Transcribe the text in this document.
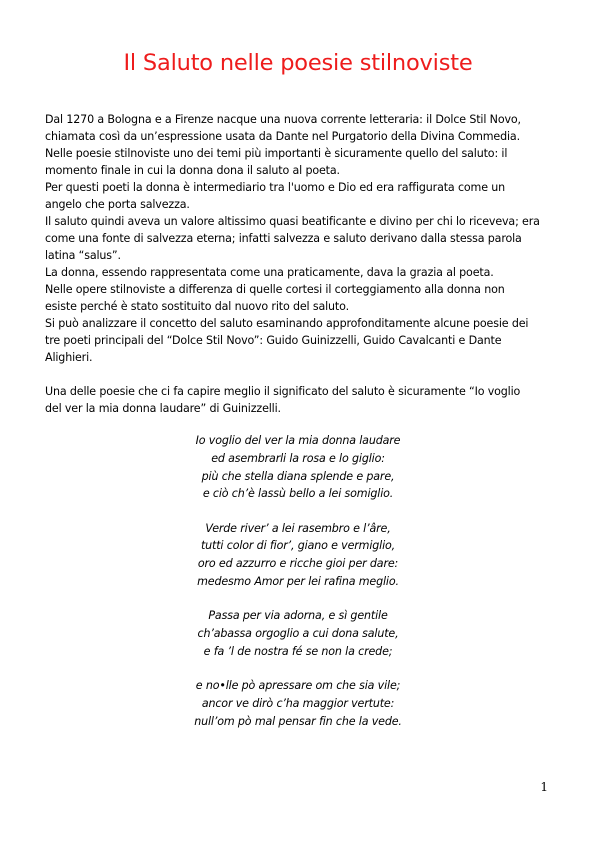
Il Saluto nelle poesie stilnoviste

Dal 1270 a Bologna e a Firenze nacque una nuova corrente letteraria: il Dolce Stil Novo,
chiamata così da un’espressione usata da Dante nel Purgatorio della Divina Commedia.

Nelle poesie stilnoviste uno dei temi più importanti è sicuramente quello del saluto: il
momento finale in cui la donna dona il saluto al poeta.

Per questi poeti la donna è intermediario tra l'uomo e Dio ed era raffigurata come un
angelo che porta salvezza.

Il saluto quindi aveva un valore altissimo quasi beatificante e divino per chi lo riceveva; era
come una fonte di salvezza eterna; infatti salvezza e saluto derivano dalla stessa parola
latina “salus”.

La donna, essendo rappresentata come una praticamente, dava la grazia al poeta.

Nelle opere stilnoviste a differenza di quelle cortesi il corteggiamento alla donna non
esiste perché è stato sostituito dal nuovo rito del saluto.

Si può analizzare il concetto del saluto esaminando approfonditamente alcune poesie dei
tre poeti principali del “Dolce Stil Novo”: Guido Guinizzelli, Guido Cavalcanti e Dante
Alighieri.

Una delle poesie che ci fa capire meglio il significato del saluto è sicuramente “Io voglio
del ver la mia donna laudare” di Guinizzelli.

Io voglio del ver la mia donna laudare
ed asembrarli la rosa e lo giglio:
più che stella diana splende e pare,
e ciò ch’è lassù bello a lei somiglio.
Verde river’ a lei rasembro e l’âre,
tutti color di fior’, giano e vermiglio,
oro ed azzurro e ricche gioi per dare:
medesmo Amor per lei rafina meglio.
Passa per via adorna, e sì gentile
ch’abassa orgoglio a cui dona salute,
e fa ’l de nostra fé se non la crede;
e no•lle pò apressare om che sia vile;
ancor ve dirò c’ha maggior vertute:
null’om pò mal pensar fin che la vede.
1
